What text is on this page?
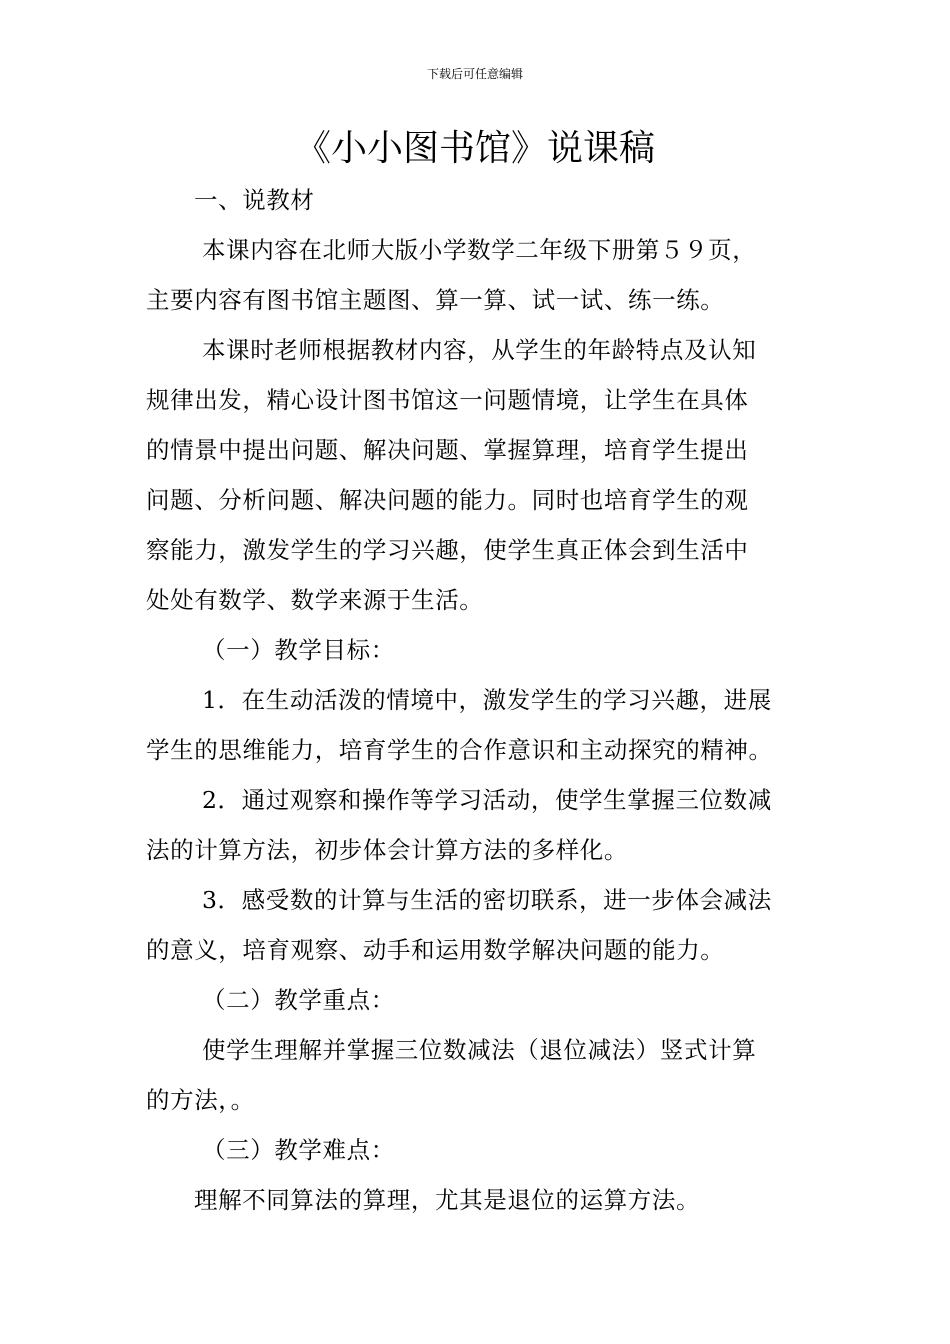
下载后可任意编辑
《小小图书馆》说课稿

一、说教材

本课内容在北师大版小学数学二年级下册第５９页，

主要内容有图书馆主题图、算一算、试一试、练一练。

本课时老师根据教材内容，从学生的年龄特点及认知

规律出发，精心设计图书馆这一问题情境，让学生在具体

的情景中提出问题、解决问题、掌握算理，培育学生提出

问题、分析问题、解决问题的能力。同时也培育学生的观

察能力，激发学生的学习兴趣，使学生真正体会到生活中

处处有数学、数学来源于生活。

（一）教学目标：

1．在生动活泼的情境中，激发学生的学习兴趣，进展

学生的思维能力，培育学生的合作意识和主动探究的精神。

2．通过观察和操作等学习活动，使学生掌握三位数减

法的计算方法，初步体会计算方法的多样化。

3．感受数的计算与生活的密切联系，进一步体会减法

的意义，培育观察、动手和运用数学解决问题的能力。

（二）教学重点：

使学生理解并掌握三位数减法（退位减法）竖式计算

的方法，。

（三）教学难点：

理解不同算法的算理，尤其是退位的运算方法。
